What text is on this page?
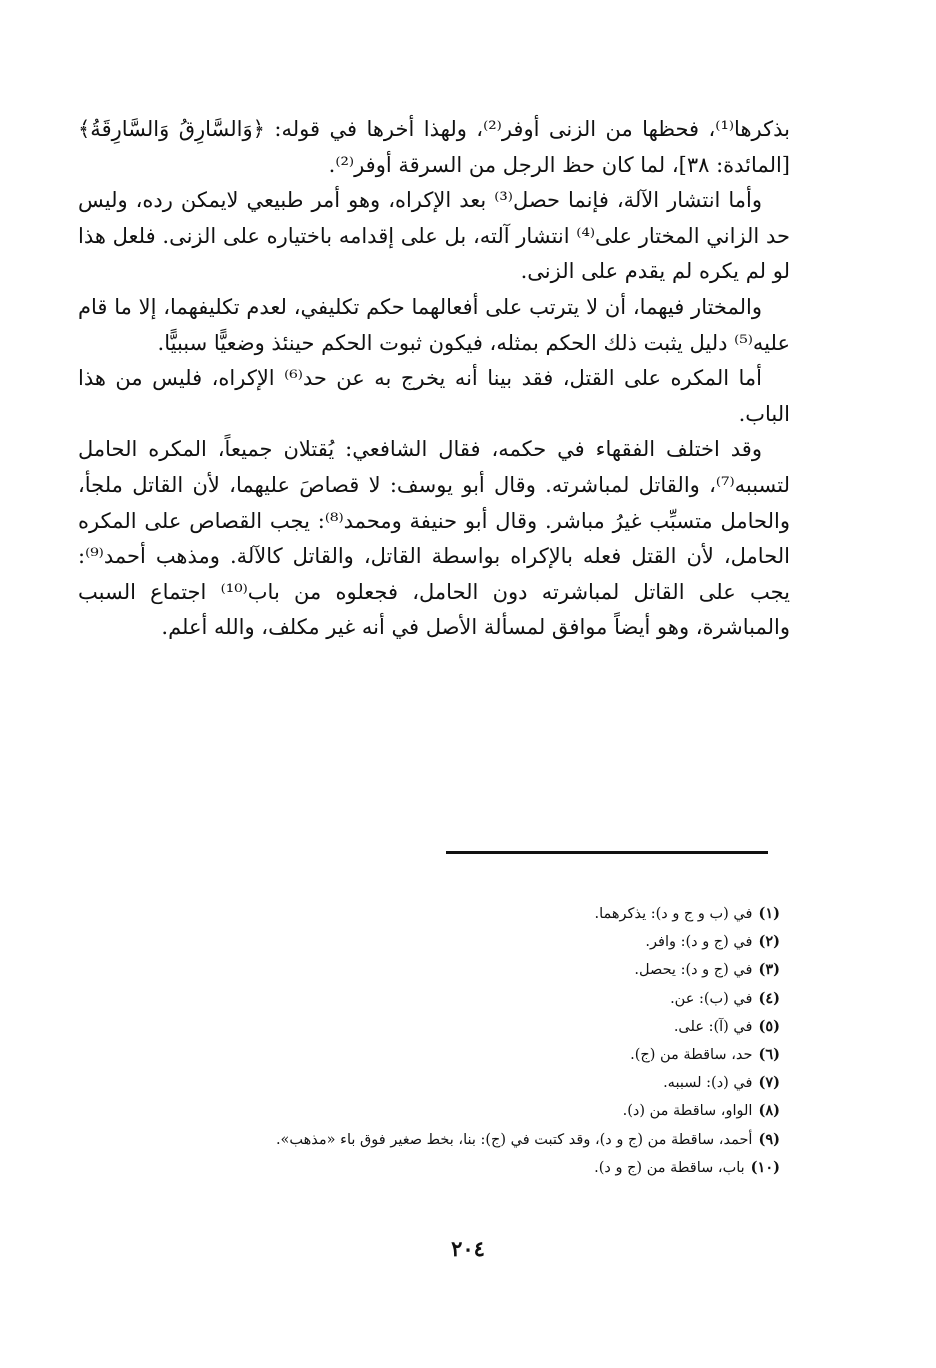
بذكرها⁽¹⁾، فحظها من الزنى أوفر⁽²⁾، ولهذا أخرها في قوله: ﴿وَالسَّارِقُ وَالسَّارِقَةُ﴾ [المائدة: ٣٨]، لما كان حظ الرجل من السرقة أوفر⁽²⁾.

وأما انتشار الآلة، فإنما حصل⁽³⁾ بعد الإكراه، وهو أمر طبيعي لايمكن رده، وليس حد الزاني المختار على⁽⁴⁾ انتشار آلته، بل على إقدامه باختياره على الزنى. فلعل هذا لو لم يكره لم يقدم على الزنى.

والمختار فيهما، أن لا يترتب على أفعالهما حكم تكليفي، لعدم تكليفهما، إلا ما قام عليه⁽⁵⁾ دليل يثبت ذلك الحكم بمثله، فيكون ثبوت الحكم حينئذ وضعيًّا سببيًّا.

أما المكره على القتل، فقد بينا أنه يخرج به عن حد⁽⁶⁾ الإكراه، فليس من هذا الباب.

وقد اختلف الفقهاء في حكمه، فقال الشافعي: يُقتلان جميعاً، المكره الحامل لتسببه⁽⁷⁾، والقاتل لمباشرته. وقال أبو يوسف: لا قصاصَ عليهما، لأن القاتل ملجأ، والحامل متسبِّب غيرُ مباشر. وقال أبو حنيفة ومحمد⁽⁸⁾: يجب القصاص على المكره الحامل، لأن القتل فعله بالإكراه بواسطة القاتل، والقاتل كالآلة. ومذهب أحمد⁽⁹⁾: يجب على القاتل لمباشرته دون الحامل، فجعلوه من باب⁽¹⁰⁾ اجتماع السبب والمباشرة، وهو أيضاً موافق لمسألة الأصل في أنه غير مكلف، والله أعلم.

(١)في (ب و ج و د): يذكرهما.
(٢)في (ج و د): وافر.
(٣)في (ج و د): يحصل.
(٤)في (ب): عن.
(٥)في (آ): على.
(٦)حد، ساقطة من (ج).
(٧)في (د): لسببه.
(٨)الواو، ساقطة من (د).
(٩)أحمد، ساقطة من (ج و د)، وقد كتبت في (ج): بنا، بخط صغير فوق باء «مذهب».
(١٠)باب، ساقطة من (ج و د).
٢٠٤
